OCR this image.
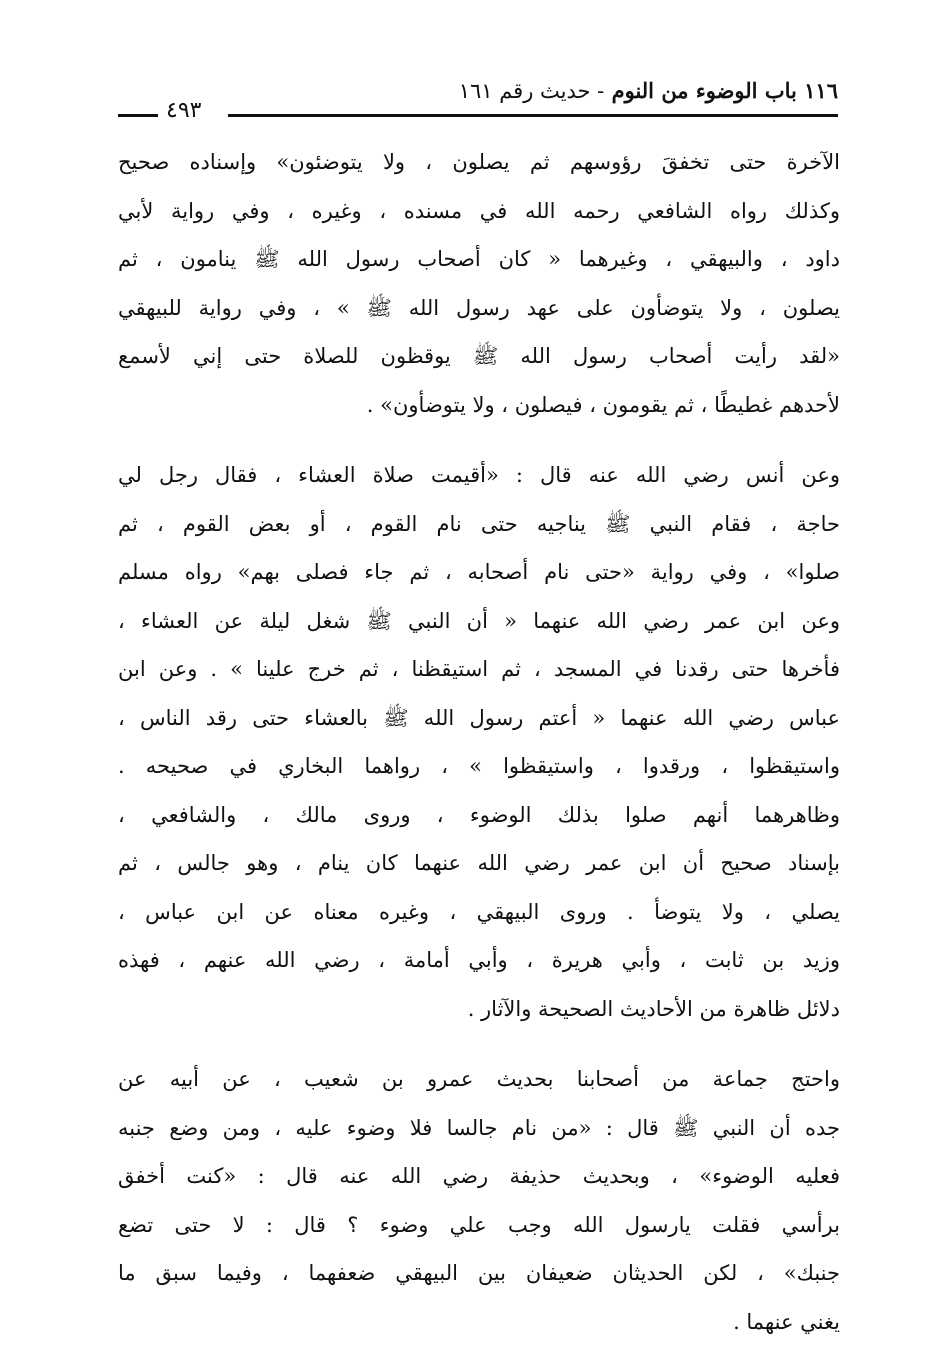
١١٦ باب الوضوء من النوم - حديث رقم ١٦١
٤٩٣
الآخرة حتى تخفقَ رؤوسهم ثم يصلون ، ولا يتوضئون» وإسناده صحيح
وكذلك رواه الشافعي رحمه الله في مسنده ، وغيره ، وفي رواية لأبي
داود ، والبيهقي ، وغيرهما « كان أصحاب رسول الله ﷺ ينامون ، ثم
يصلون ، ولا يتوضأون على عهد رسول الله ﷺ » ، وفي رواية للبيهقي
«لقد رأيت أصحاب رسول الله ﷺ يوقظون للصلاة حتى إني لأسمع
لأحدهم غطيطًا ، ثم يقومون ، فيصلون ، ولا يتوضأون» .
وعن أنس رضي الله عنه قال : «أقيمت صلاة العشاء ، فقال رجل لي
حاجة ، فقام النبي ﷺ يناجيه حتى نام القوم ، أو بعض القوم ، ثم
صلوا» ، وفي رواية «حتى نام أصحابه ، ثم جاء فصلى بهم» رواه مسلم
وعن ابن عمر رضي الله عنهما « أن النبي ﷺ شغل ليلة عن العشاء ،
فأخرها حتى رقدنا في المسجد ، ثم استيقظنا ، ثم خرج علينا » . وعن ابن
عباس رضي الله عنهما « أعتم رسول الله ﷺ بالعشاء حتى رقد الناس ،
واستيقظوا ، ورقدوا ، واستيقظوا » ، رواهما البخاري في صحيحه .
وظاهرهما أنهم صلوا بذلك الوضوء ، وروى مالك ، والشافعي ،
بإسناد صحيح أن ابن عمر رضي الله عنهما كان ينام ، وهو جالس ، ثم
يصلي ، ولا يتوضأ . وروى البيهقي ، وغيره معناه عن ابن عباس ،
وزيد بن ثابت ، وأبي هريرة ، وأبي أمامة ، رضي الله عنهم ، فهذه
دلائل ظاهرة من الأحاديث الصحيحة والآثار .
واحتج جماعة من أصحابنا بحديث عمرو بن شعيب ، عن أبيه عن
جده أن النبي ﷺ قال : «من نام جالسا فلا وضوء عليه ، ومن وضع جنبه
فعليه الوضوء» ، وبحديث حذيفة رضي الله عنه قال : «كنت أخفق
برأسي فقلت يارسول الله وجب علي وضوء ؟ قال : لا حتى تضع
جنبك» ، لكن الحديثان ضعيفان بين البيهقي ضعفهما ، وفيما سبق ما
يغني عنهما .
